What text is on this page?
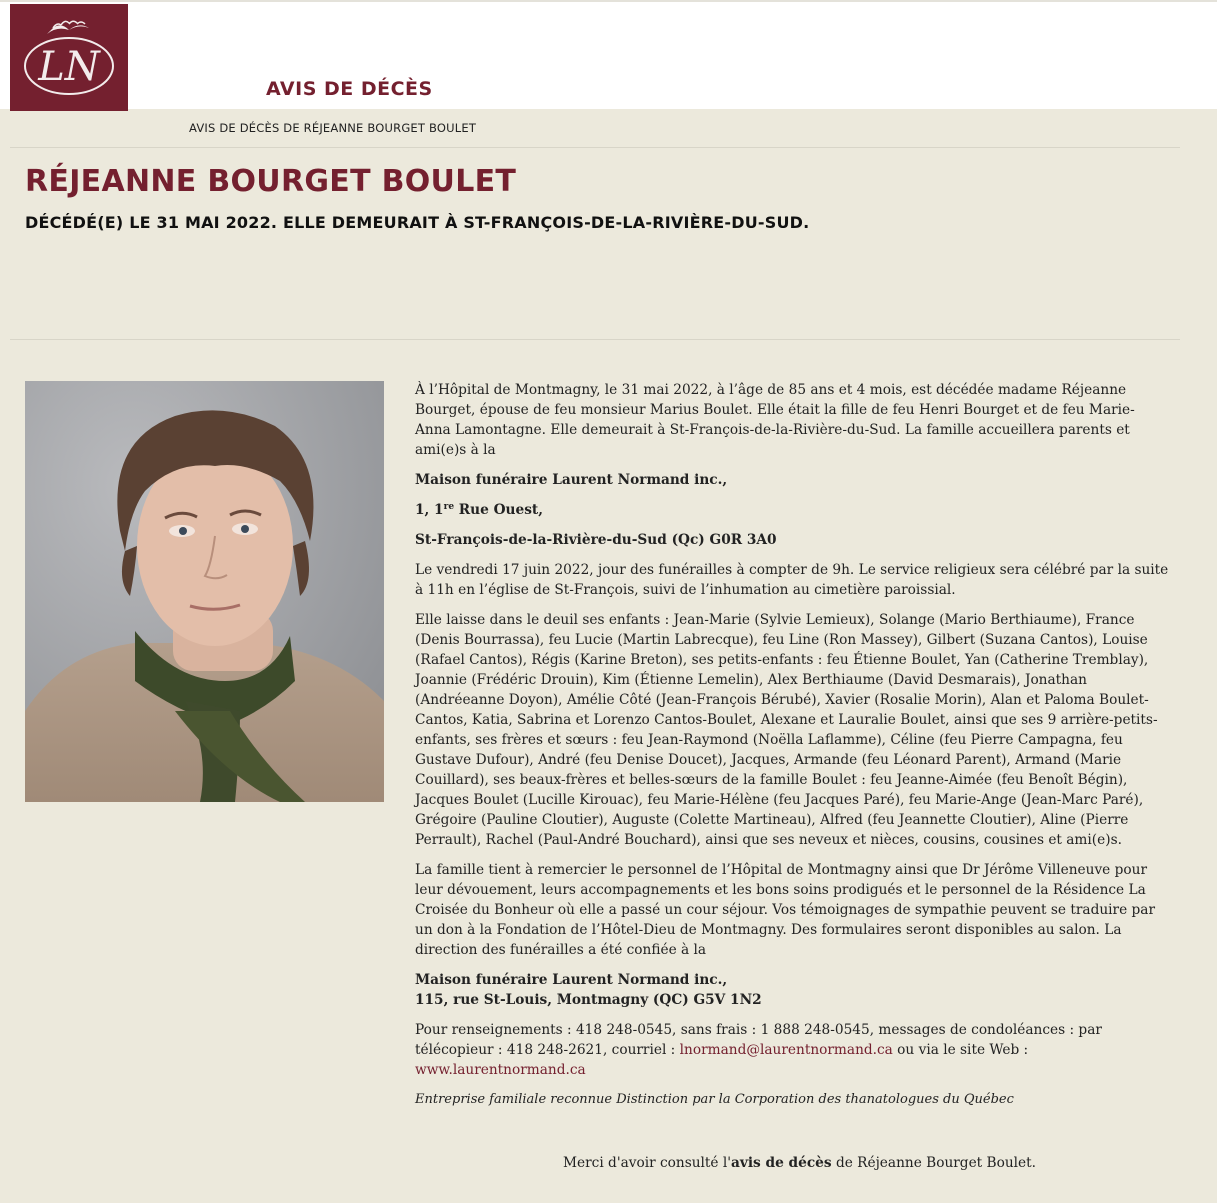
LN	AVIS DE DÉCÈS
AVIS DE DÉCÈS DE RÉJEANNE BOURGET BOULET
RÉJEANNE BOURGET BOULET
DÉCÉDÉ(E) LE 31 MAI 2022. ELLE DEMEURAIT À ST-FRANÇOIS-DE-LA-RIVIÈRE-DU-SUD.

À l’Hôpital de Montmagny, le 31 mai 2022, à l’âge de 85 ans et 4 mois, est décédée madame Réjeanne Bourget, épouse de feu monsieur Marius Boulet. Elle était la fille de feu Henri Bourget et de feu Marie-Anna Lamontagne. Elle demeurait à St-François-de-la-Rivière-du-Sud. La famille accueillera parents et ami(e)s à la

Maison funéraire Laurent Normand inc.,

1, 1re Rue Ouest,

St-François-de-la-Rivière-du-Sud (Qc) G0R 3A0

Le vendredi 17 juin 2022, jour des funérailles à compter de 9h. Le service religieux sera célébré par la suite à 11h en l’église de St-François, suivi de l’inhumation au cimetière paroissial.

Elle laisse dans le deuil ses enfants : Jean-Marie (Sylvie Lemieux), Solange (Mario Berthiaume), France (Denis Bourrassa), feu Lucie (Martin Labrecque), feu Line (Ron Massey), Gilbert (Suzana Cantos), Louise (Rafael Cantos), Régis (Karine Breton), ses petits-enfants : feu Étienne Boulet, Yan (Catherine Tremblay), Joannie (Frédéric Drouin), Kim (Étienne Lemelin), Alex Berthiaume (David Desmarais), Jonathan (Andréeanne Doyon), Amélie Côté (Jean-François Bérubé), Xavier (Rosalie Morin), Alan et Paloma Boulet-Cantos, Katia, Sabrina et Lorenzo Cantos-Boulet, Alexane et Lauralie Boulet, ainsi que ses 9 arrière-petits-enfants, ses frères et sœurs : feu Jean-Raymond (Noëlla Laflamme), Céline (feu Pierre Campagna, feu Gustave Dufour), André (feu Denise Doucet), Jacques, Armande (feu Léonard Parent), Armand (Marie Couillard), ses beaux-frères et belles-sœurs de la famille Boulet : feu Jeanne-Aimée (feu Benoît Bégin), Jacques Boulet (Lucille Kirouac), feu Marie-Hélène (feu Jacques Paré), feu Marie-Ange (Jean-Marc Paré), Grégoire (Pauline Cloutier), Auguste (Colette Martineau), Alfred (feu Jeannette Cloutier), Aline (Pierre Perrault), Rachel (Paul-André Bouchard), ainsi que ses neveux et nièces, cousins, cousines et ami(e)s.

La famille tient à remercier le personnel de l’Hôpital de Montmagny ainsi que Dr Jérôme Villeneuve pour leur dévouement, leurs accompagnements et les bons soins prodigués et le personnel de la Résidence La Croisée du Bonheur où elle a passé un cour séjour. Vos témoignages de sympathie peuvent se traduire par un don à la Fondation de l’Hôtel-Dieu de Montmagny. Des formulaires seront disponibles au salon. La direction des funérailles a été confiée à la

Maison funéraire Laurent Normand inc.,
115, rue St-Louis, Montmagny (QC) G5V 1N2

Pour renseignements : 418 248-0545, sans frais : 1 888 248-0545, messages de condoléances : par télécopieur : 418 248-2621, courriel : lnormand@laurentnormand.ca ou via le site Web : www.laurentnormand.ca

Entreprise familiale reconnue Distinction par la Corporation des thanatologues du Québec

Merci d'avoir consulté l'avis de décès de Réjeanne Bourget Boulet.
